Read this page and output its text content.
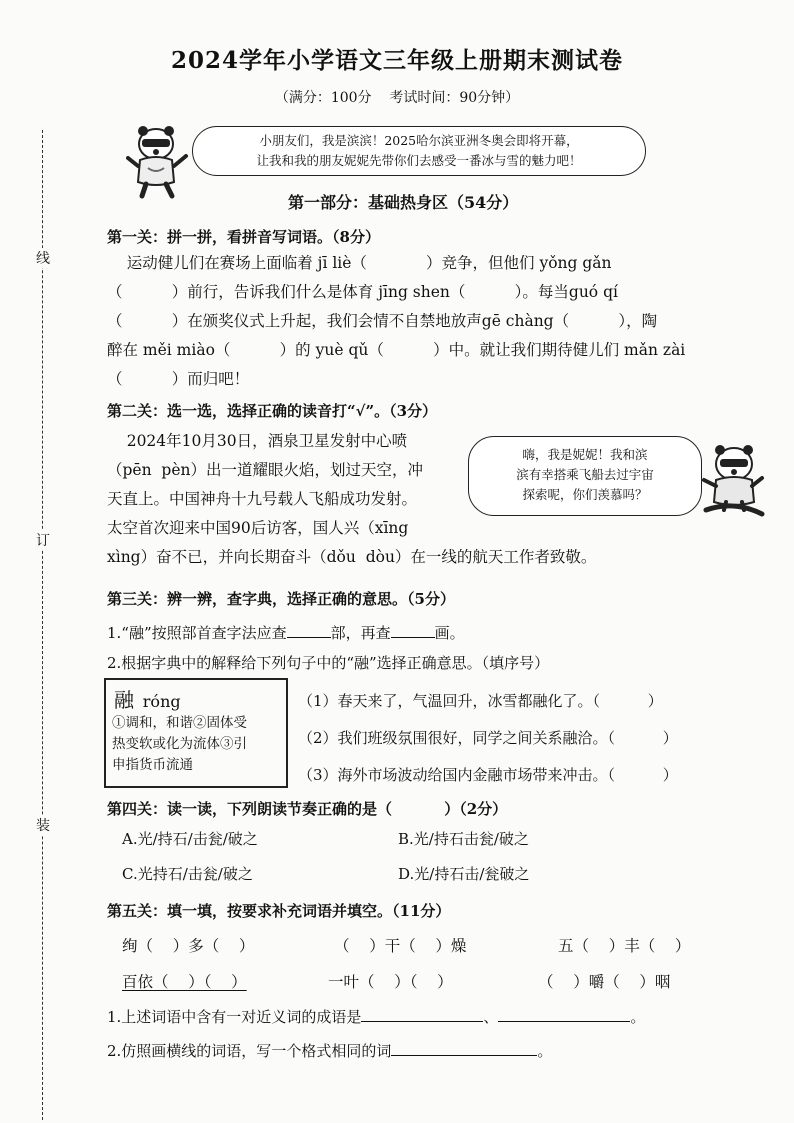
线
订
装
2024学年小学语文三年级上册期末测试卷
（满分：100分    考试时间：90分钟）
小朋友们，我是滨滨！2025哈尔滨亚洲冬奥会即将开幕，
让我和我的朋友妮妮先带你们去感受一番冰与雪的魅力吧！
第一部分：基础热身区（54分）
第一关：拼一拼，看拼音写词语。（8分）
运动健儿们在赛场上面临着 jī liè（            ）竞争，但他们 yǒng gǎn
（          ）前行，告诉我们什么是体育 jīng shen（          ）。每当guó qí
（          ）在颁奖仪式上升起，我们会情不自禁地放声gē chàng（          ），陶
醉在 měi miào（          ）的 yuè qǔ（          ）中。就让我们期待健儿们 mǎn zài
（          ）而归吧！
第二关：选一选，选择正确的读音打“√”。（3分）
2024年10月30日，酒泉卫星发射中心喷
（pēn  pèn）出一道耀眼火焰，划过天空，冲
天直上。中国神舟十九号载人飞船成功发射。
太空首次迎来中国90后访客，国人兴（xīng
xìng）奋不已，并向长期奋斗（dǒu  dòu）在一线的航天工作者致敬。
嗨，我是妮妮！我和滨
滨有幸搭乘飞船去过宇宙
探索呢，你们羡慕吗？
第三关：辨一辨，查字典，选择正确的意思。（5分）
1.“融”按照部首查字法应查	部，再查	画。
2.根据字典中的解释给下列句子中的“融”选择正确意思。（填序号）
融 róng
①调和，和谐②固体受
热变软或化为流体③引
申指货币流通
（1）春天来了，气温回升，冰雪都融化了。（          ）
（2）我们班级氛围很好，同学之间关系融洽。（          ）
（3）海外市场波动给国内金融市场带来冲击。（          ）
第四关：读一读，下列朗读节奏正确的是（          ）（2分）
A.光/持石/击瓮/破之	B.光/持石击瓮/破之
C.光持石/击瓮/破之	D.光/持石击/瓮破之
第五关：填一填，按要求补充词语并填空。（11分）
绚（    ）多（    ）	（    ）干（    ）燥	五（    ）丰（    ）
百依（    ）（    ）	一叶（    ）（    ）	（    ）嚼（    ）咽
1.上述词语中含有一对近义词的成语是	、	。
2.仿照画横线的词语，写一个格式相同的词	。
